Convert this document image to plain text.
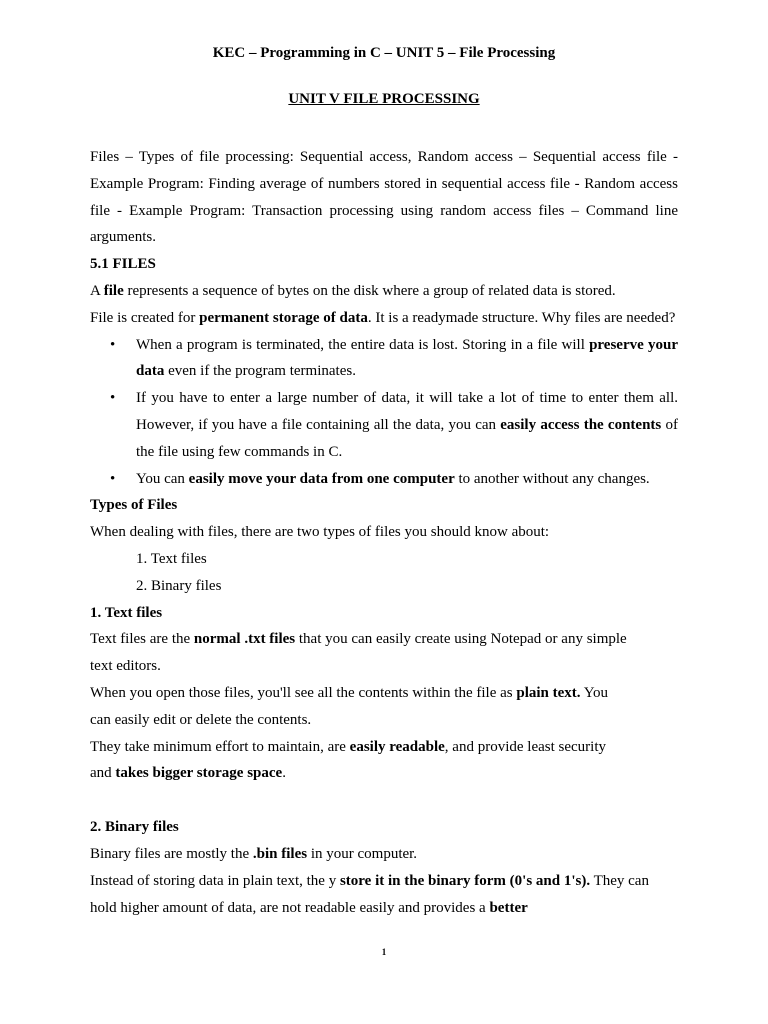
KEC – Programming in C – UNIT 5 – File Processing
UNIT V FILE PROCESSING

Files – Types of file processing: Sequential access, Random access – Sequential access file - Example Program: Finding average of numbers stored in sequential access file - Random access file - Example Program: Transaction processing using random access files – Command line arguments.

5.1 FILES

A file represents a sequence of bytes on the disk where a group of related data is stored.

File is created for permanent storage of data. It is a readymade structure. Why files are needed?

• When a program is terminated, the entire data is lost. Storing in a file will preserve your data even if the program terminates.
• If you have to enter a large number of data, it will take a lot of time to enter them all. However, if you have a file containing all the data, you can easily access the contents of the file using few commands in C.
• You can easily move your data from one computer to another without any changes.

Types of Files

When dealing with files, there are two types of files you should know about:

1. Text files
2. Binary files

1. Text files

Text files are the normal .txt files that you can easily create using Notepad or any simple

text editors.

When you open those files, you'll see all the contents within the file as plain text. You

can easily edit or delete the contents.

They take minimum effort to maintain, are easily readable, and provide least security

and takes bigger storage space.

2. Binary files

Binary files are mostly the .bin files in your computer.

Instead of storing data in plain text, the y store it in the binary form (0's and 1's). They can

hold higher amount of data, are not readable easily and provides a better

1
